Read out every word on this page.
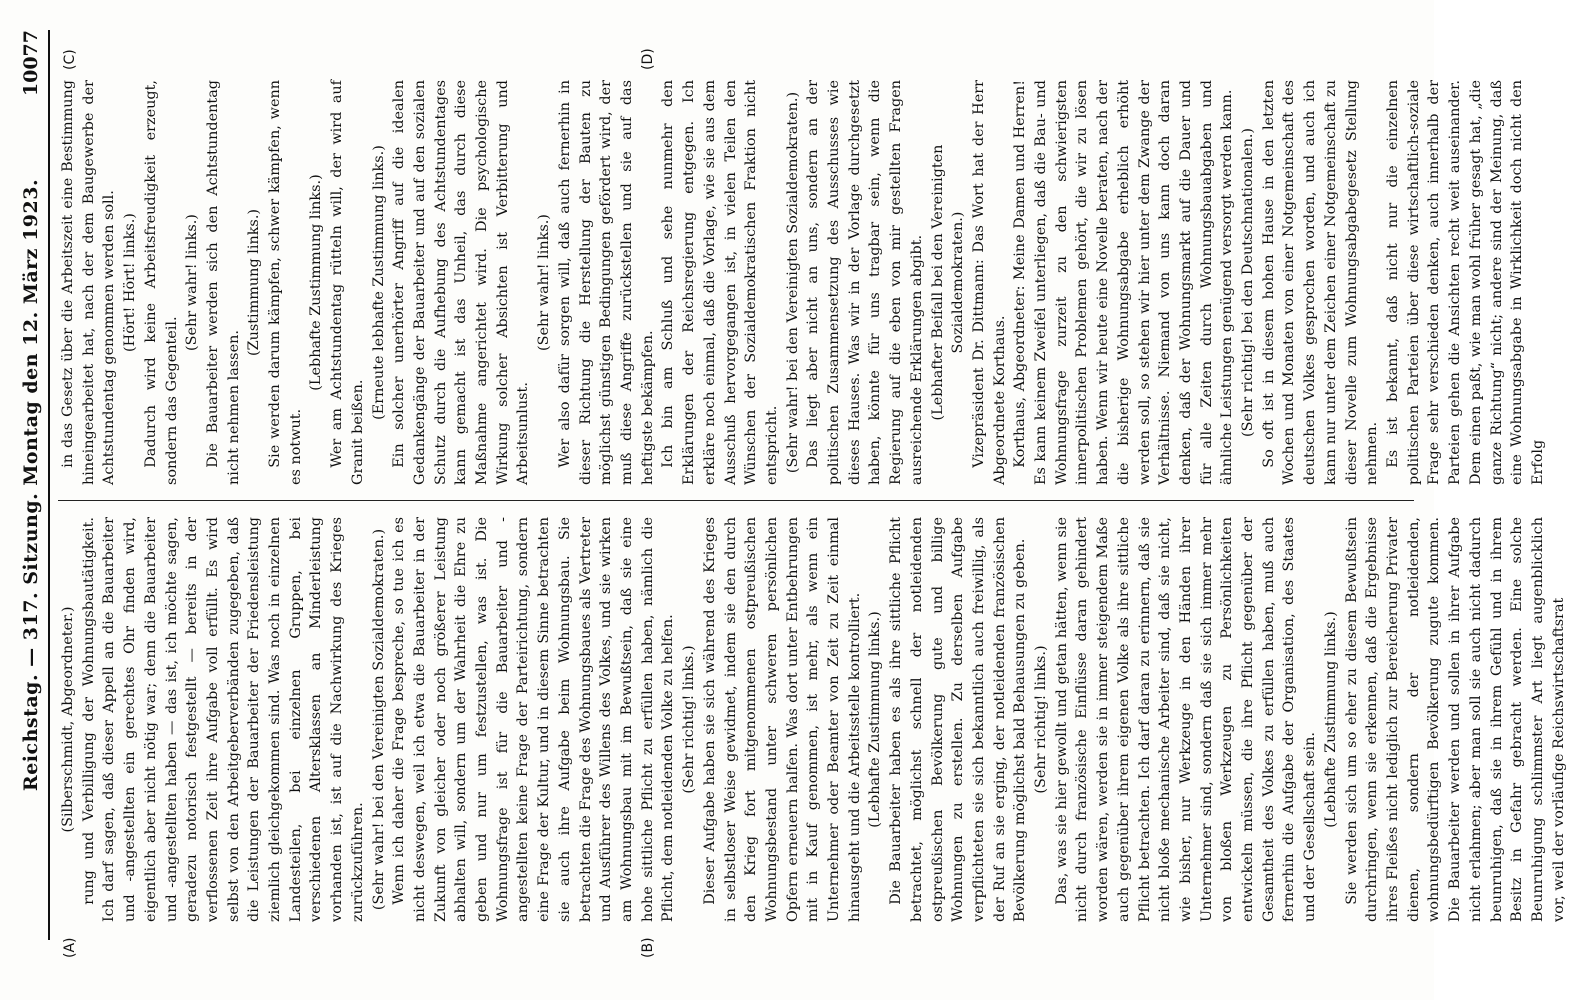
Reichstag. — 317. Sitzung. Montag den 12. März 1923.
10077
(A)	(B)
(C)	(D)

(Silberschmidt, Abgeordneter.) rung und Verbilligung der Wohnungsbautätigkeit. Ich darf sagen, daß dieser Appell an die Bauarbeiter und -angestellten ein gerechtes Ohr finden wird, eigentlich aber nicht nötig war; denn die Bauarbeiter und -angestellten haben — das ist, ich möchte sagen, geradezu notorisch festgestellt — bereits in der verflossenen Zeit ihre Aufgabe voll erfüllt. Es wird selbst von den Arbeitgeberverbänden zugegeben, daß die Leistungen der Bauarbeiter der Friedensleistung ziemlich gleichgekommen sind. Was noch in einzelnen Landesteilen, bei einzelnen Gruppen, bei verschiedenen Altersklassen an Minderleistung vorhanden ist, ist auf die Nachwirkung des Krieges zurückzuführen. (Sehr wahr! bei den Vereinigten Sozialdemokraten.) Wenn ich daher die Frage bespreche, so tue ich es nicht deswegen, weil ich etwa die Bauarbeiter in der Zukunft von gleicher oder noch größerer Leistung abhalten will, sondern um der Wahrheit die Ehre zu geben und nur um festzustellen, was ist. Die Wohnungsfrage ist für die Bauarbeiter und -angestellten keine Frage der Parteirichtung, sondern eine Frage der Kultur, und in diesem Sinne betrachten sie auch ihre Aufgabe beim Wohnungsbau. Sie betrachten die Frage des Wohnungsbaues als Vertreter und Ausführer des Willens des Volkes, und sie wirken am Wohnungsbau mit im Bewußtsein, daß sie eine hohe sittliche Pflicht zu erfüllen haben, nämlich die Pflicht, dem notleidenden Volke zu helfen. (Sehr richtig! links.) Dieser Aufgabe haben sie sich während des Krieges in selbstloser Weise gewidmet, indem sie den durch den Krieg fort mitgenommenen ostpreußischen Wohnungsbestand unter schweren persönlichen Opfern erneuern halfen. Was dort unter Entbehrungen mit in Kauf genommen, ist mehr, als wenn ein Unternehmer oder Beamter von Zeit zu Zeit einmal hinausgeht und die Arbeitsstelle kontrolliert. (Lebhafte Zustimmung links.) Die Bauarbeiter haben es als ihre sittliche Pflicht betrachtet, möglichst schnell der notleidenden ostpreußischen Bevölkerung gute und billige Wohnungen zu erstellen. Zu derselben Aufgabe verpflichteten sie sich bekanntlich auch freiwillig, als der Ruf an sie erging, der notleidenden französischen Bevölkerung möglichst bald Behausungen zu geben. (Sehr richtig! links.) Das, was sie hier gewollt und getan hätten, wenn sie nicht durch französische Einflüsse daran gehindert worden wären, werden sie in immer steigendem Maße auch gegenüber ihrem eigenen Volke als ihre sittliche Pflicht betrachten. Ich darf daran zu erinnern, daß sie nicht bloße mechanische Arbeiter sind, daß sie nicht, wie bisher, nur Werkzeuge in den Händen ihrer Unternehmer sind, sondern daß sie sich immer mehr von bloßen Werkzeugen zu Persönlichkeiten entwickeln müssen, die ihre Pflicht gegenüber der Gesamtheit des Volkes zu erfüllen haben, muß auch fernerhin die Aufgabe der Organisation, des Staates und der Gesellschaft sein. (Lebhafte Zustimmung links.) Sie werden sich um so eher zu diesem Bewußtsein durchringen, wenn sie erkennen, daß die Ergebnisse ihres Fleißes nicht lediglich zur Bereicherung Privater dienen, sondern der notleidenden, wohnungsbedürftigen Bevölkerung zugute kommen. Die Bauarbeiter werden und sollen in ihrer Aufgabe nicht erlahmen; aber man soll sie auch nicht dadurch beunruhigen, daß sie in ihrem Gefühl und in ihrem Besitz in Gefahr gebracht werden. Eine solche Beunruhigung schlimmster Art liegt augenblicklich vor, weil der vorläufige Reichswirtschaftsrat

in das Gesetz über die Arbeitszeit eine Bestimmung hineingearbeitet hat, nach der dem Baugewerbe der Achtstundentag genommen werden soll. (Hört! Hört! links.) Dadurch wird keine Arbeitsfreudigkeit erzeugt, sondern das Gegenteil.

(Sehr wahr! links.) Die Bauarbeiter werden sich den Achtstundentag nicht nehmen lassen.

(Zustimmung links.) Sie werden darum kämpfen, schwer kämpfen, wenn es notwut.

(Lebhafte Zustimmung links.) Wer am Achtstundentag rütteln will, der wird auf Granit beißen.

(Erneute lebhafte Zustimmung links.) Ein solcher unerhörter Angriff auf die idealen Gedankengänge der Bauarbeiter und auf den sozialen Schutz durch die Aufhebung des Achtstundentages kann gemacht ist das Unheil, das durch diese Maßnahme angerichtet wird. Die psychologische Wirkung solcher Absichten ist Verbitterung und Arbeitsunlust.

(Sehr wahr! links.) Wer also dafür sorgen will, daß auch fernerhin in dieser Richtung die Herstellung der Bauten zu möglichst günstigen Bedingungen gefördert wird, der muß diese Angriffe zurückstellen und sie auf das heftigste bekämpfen. Ich bin am Schluß und sehe nunmehr den Erklärungen der Reichsregierung entgegen. Ich erkläre noch einmal, daß die Vorlage, wie sie aus dem Ausschuß hervorgegangen ist, in vielen Teilen den Wünschen der Sozialdemokratischen Fraktion nicht entspricht. (Sehr wahr! bei den Vereinigten Sozialdemokraten.) Das liegt aber nicht an uns, sondern an der politischen Zusammensetzung des Ausschusses wie dieses Hauses. Was wir in der Vorlage durchgesetzt haben, könnte für uns tragbar sein, wenn die Regierung auf die eben von mir gestellten Fragen ausreichende Erklärungen abgibt. (Lebhafter Beifall bei den Vereinigten Sozialdemokraten.) Vizepräsident Dr. Dittmann: Das Wort hat der Herr Abgeordnete Korthaus. Korthaus, Abgeordneter: Meine Damen und Herren! Es kann keinem Zweifel unterliegen, daß die Bau- und Wohnungsfrage zurzeit zu den schwierigsten innerpolitischen Problemen gehört, die wir zu lösen haben. Wenn wir heute eine Novelle beraten, nach der die bisherige Wohnungsabgabe erheblich erhöht werden soll, so stehen wir hier unter dem Zwange der Verhältnisse. Niemand von uns kann doch daran denken, daß der Wohnungsmarkt auf die Dauer und für alle Zeiten durch Wohnungsbauabgaben und ähnliche Leistungen genügend versorgt werden kann. (Sehr richtig! bei den Deutschnationalen.) So oft ist in diesem hohen Hause in den letzten Wochen und Monaten von einer Notgemeinschaft des deutschen Volkes gesprochen worden, und auch ich kann nur unter dem Zeichen einer Notgemeinschaft zu dieser Novelle zum Wohnungsabgabegesetz Stellung nehmen. Es ist bekannt, daß nicht nur die einzelnen politischen Parteien über diese wirtschaftlich-soziale Frage sehr verschieden denken, auch innerhalb der Parteien gehen die Ansichten recht weit auseinander. Dem einen paßt, wie man wohl früher gesagt hat, „die ganze Richtung“ nicht; andere sind der Meinung, daß eine Wohnungsabgabe in Wirklichkeit doch nicht den Erfolg
